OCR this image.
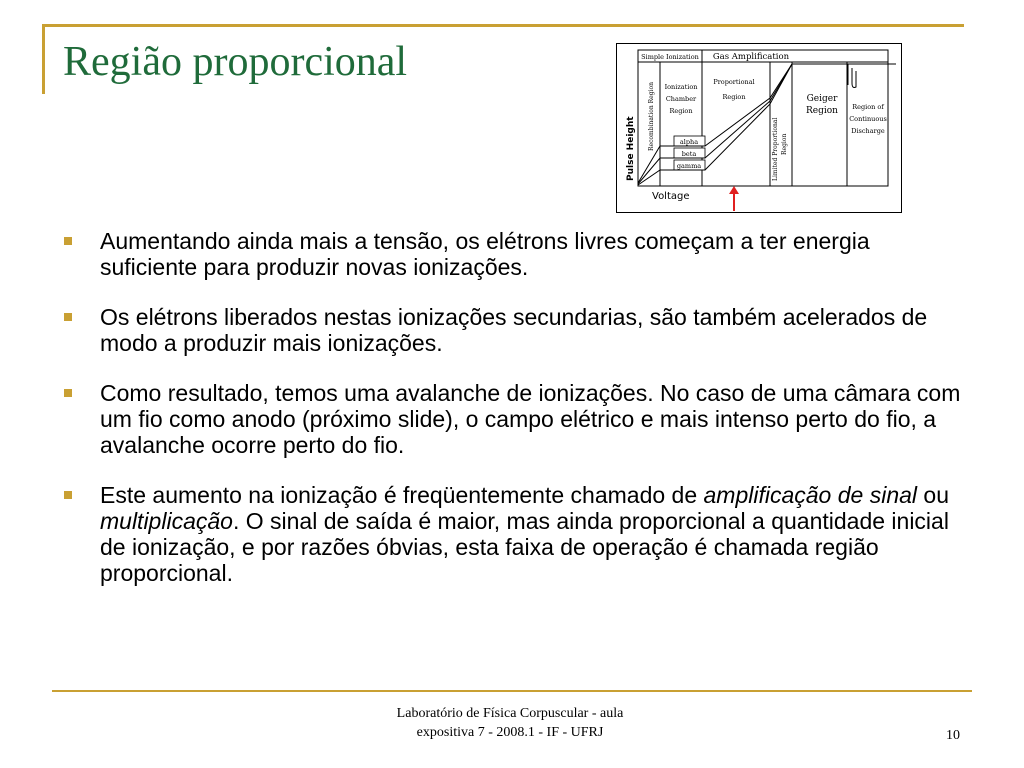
Região proporcional	Simple Ionization Gas Amplification
Recombination Region Ionization
Chamber
Region
Proportional
Region
Limited Proportional Region
Geiger
Region Region of
Continuous
Discharge
alpha
beta
gamma
Pulse Height
Voltage
Aumentando ainda mais a tensão, os elétrons livres começam a ter energia suficiente para produzir novas ionizações.
Os elétrons liberados nestas ionizações secundarias, são também acelerados de modo a produzir mais ionizações.
Como resultado, temos uma avalanche de ionizações. No caso de uma câmara com um fio como anodo (próximo slide), o campo elétrico e mais intenso perto do fio, a avalanche ocorre perto do fio.
Este aumento na ionização é freqüentemente chamado de amplificação de sinal ou multiplicação. O sinal de saída é maior, mas ainda proporcional a quantidade inicial de ionização, e por razões óbvias, esta faixa de operação é chamada região proporcional.
Laboratório de Física Corpuscular - aula
expositiva 7 - 2008.1 - IF - UFRJ	10
